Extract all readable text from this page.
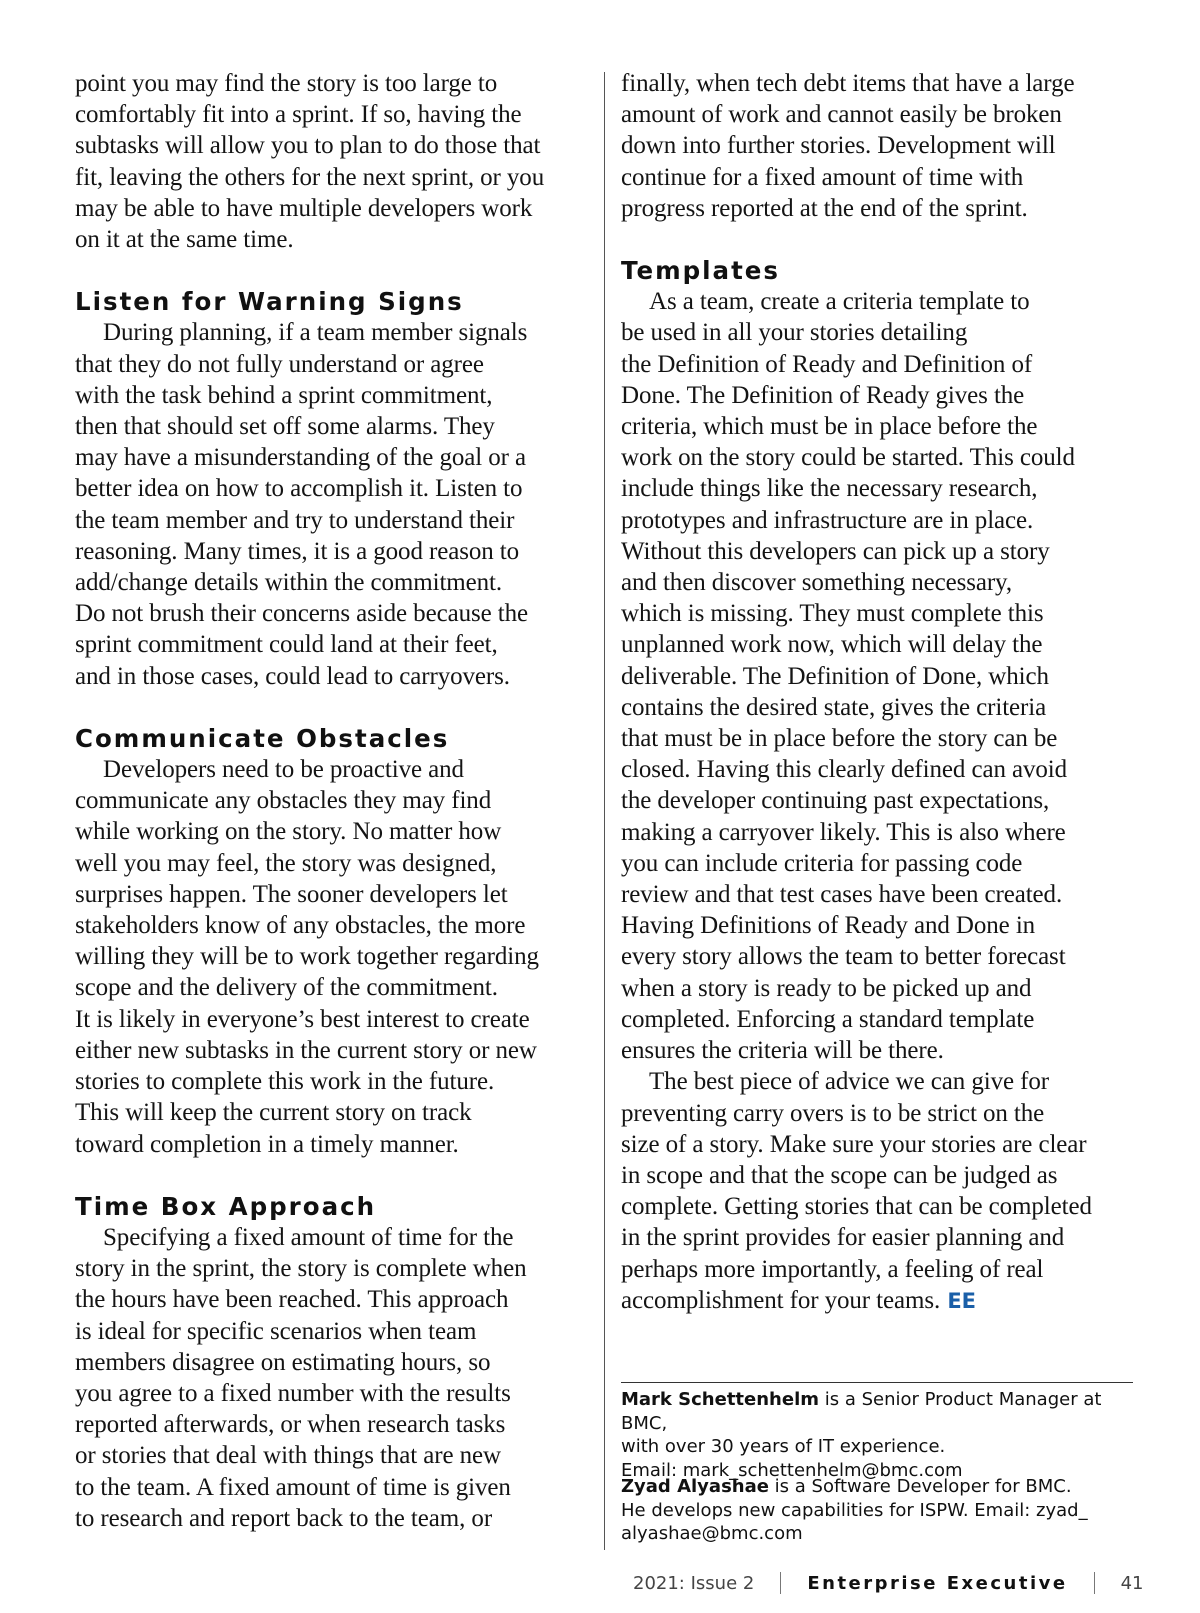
point you may find the story is too large to
comfortably fit into a sprint. If so, having the
subtasks will allow you to plan to do those that
fit, leaving the others for the next sprint, or you
may be able to have multiple developers work
on it at the same time.
Listen for Warning Signs
During planning, if a team member signals
that they do not fully understand or agree
with the task behind a sprint commitment,
then that should set off some alarms. They
may have a misunderstanding of the goal or a
better idea on how to accomplish it. Listen to
the team member and try to understand their
reasoning. Many times, it is a good reason to
add/change details within the commitment.
Do not brush their concerns aside because the
sprint commitment could land at their feet,
and in those cases, could lead to carryovers.
Communicate Obstacles
Developers need to be proactive and
communicate any obstacles they may find
while working on the story. No matter how
well you may feel, the story was designed,
surprises happen. The sooner developers let
stakeholders know of any obstacles, the more
willing they will be to work together regarding
scope and the delivery of the commitment.
It is likely in everyone’s best interest to create
either new subtasks in the current story or new
stories to complete this work in the future.
This will keep the current story on track
toward completion in a timely manner.
Time Box Approach
Specifying a fixed amount of time for the
story in the sprint, the story is complete when
the hours have been reached. This approach
is ideal for specific scenarios when team
members disagree on estimating hours, so
you agree to a fixed number with the results
reported afterwards, or when research tasks
or stories that deal with things that are new
to the team. A fixed amount of time is given
to research and report back to the team, or
finally, when tech debt items that have a large
amount of work and cannot easily be broken
down into further stories. Development will
continue for a fixed amount of time with
progress reported at the end of the sprint.
Templates
As a team, create a criteria template to
be used in all your stories detailing
the Definition of Ready and Definition of
Done. The Definition of Ready gives the
criteria, which must be in place before the
work on the story could be started. This could
include things like the necessary research,
prototypes and infrastructure are in place.
Without this developers can pick up a story
and then discover something necessary,
which is missing. They must complete this
unplanned work now, which will delay the
deliverable. The Definition of Done, which
contains the desired state, gives the criteria
that must be in place before the story can be
closed. Having this clearly defined can avoid
the developer continuing past expectations,
making a carryover likely. This is also where
you can include criteria for passing code
review and that test cases have been created.
Having Definitions of Ready and Done in
every story allows the team to better forecast
when a story is ready to be picked up and
completed. Enforcing a standard template
ensures the criteria will be there.
The best piece of advice we can give for
preventing carry overs is to be strict on the
size of a story. Make sure your stories are clear
in scope and that the scope can be judged as
complete. Getting stories that can be completed
in the sprint provides for easier planning and
perhaps more importantly, a feeling of real
accomplishment for your teams. EE
Mark Schettenhelm is a Senior Product Manager at BMC,
with over 30 years of IT experience.
Email: mark_schettenhelm@bmc.com
Zyad Alyashae is a Software Developer for BMC.
He develops new capabilities for ISPW. Email: zyad_
alyashae@bmc.com
2021: Issue 2	Enterprise Executive	41
